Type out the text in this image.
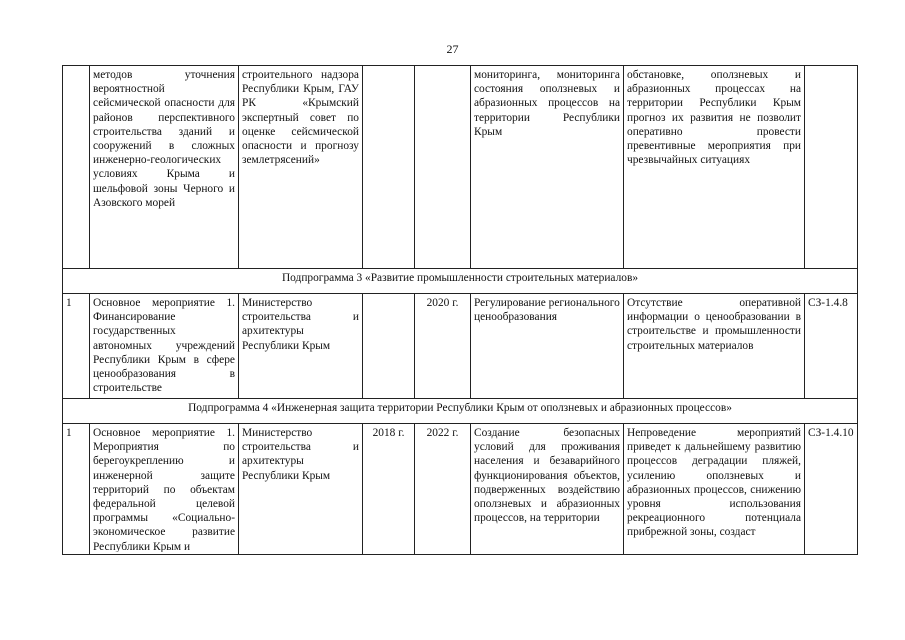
27
	методов уточнения вероятностной сейсмической опасности для районов перспективного строительства зданий и сооружений в сложных инженерно-геологических условиях Крыма и шельфовой зоны Черного и Азовского морей	строительного надзора Республики Крым, ГАУ РК «Крымский экспертный совет по оценке сейсмической опасности и прогнозу землетрясений»			мониторинга, мониторинга состояния оползневых и абразионных процессов на территории Республики Крым	обстановке, оползневых и абразионных процессах на территории Республики Крым прогноз их развития не позволит оперативно провести превентивные мероприятия при чрезвычайных ситуациях	
Подпрограмма 3 «Развитие промышленности строительных материалов»							
1	Основное мероприятие 1. Финансирование государственных автономных учреждений Республики Крым в сфере ценообразования в строительстве	Министерство строительства и архитектуры Республики Крым		2020 г.	Регулирование регионального ценообразования	Отсутствие оперативной информации о ценообразовании в строительстве и промышленности строительных материалов	СЗ-1.4.8
Подпрограмма 4 «Инженерная защита территории Республики Крым от оползневых и абразионных процессов»							
1	Основное мероприятие 1. Мероприятия по берегоукреплению и инженерной защите территорий по объектам федеральной целевой программы «Социально-экономическое развитие Республики Крым и	Министерство строительства и архитектуры Республики Крым	2018 г.	2022 г.	Создание безопасных условий для проживания населения и безаварийного функционирования объектов, подверженных воздействию оползневых и абразионных процессов, на территории	Непроведение мероприятий приведет к дальнейшему развитию процессов деградации пляжей, усилению оползневых и абразионных процессов, снижению уровня использования рекреационного потенциала прибрежной зоны, создаст	СЗ-1.4.10
